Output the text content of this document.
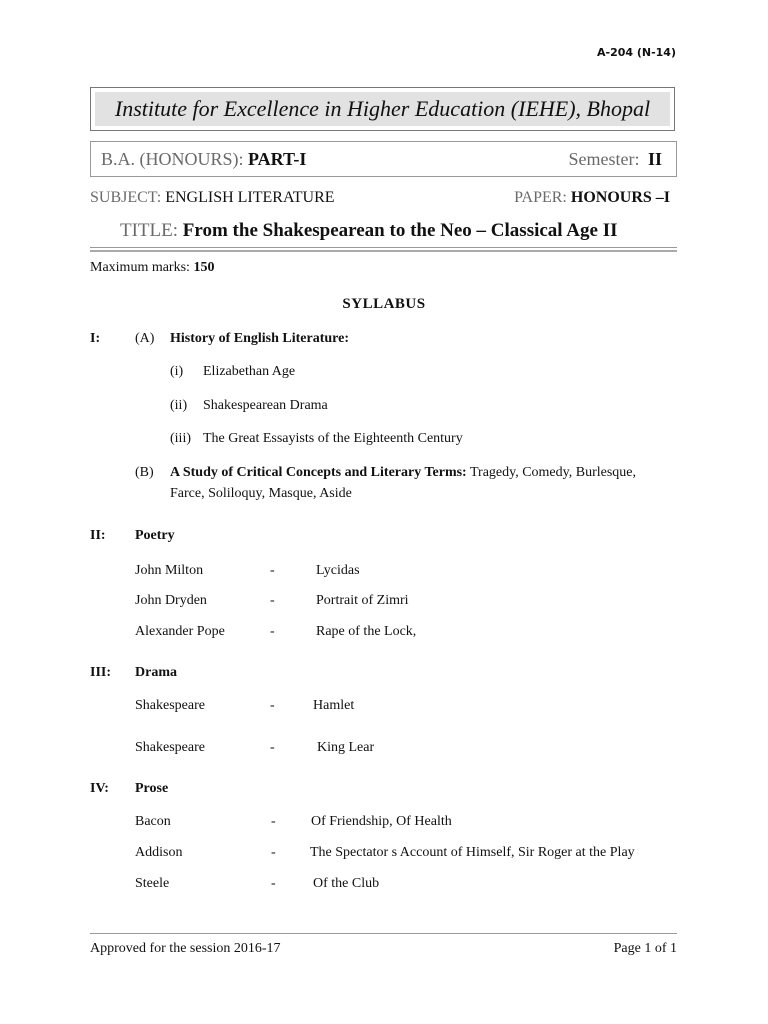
A-204 (N-14)
Institute for Excellence in Higher Education (IEHE), Bhopal
B.A. (HONOURS): PART-I	Semester: II
SUBJECT: ENGLISH LITERATURE	PAPER: HONOURS –I
TITLE: From the Shakespearean to the Neo – Classical Age II
Maximum marks: 150
SYLLABUS
I: (A) History of English Literature:
(i) Elizabethan Age
(ii) Shakespearean Drama
(iii) The Great Essayists of the Eighteenth Century
(B) A Study of Critical Concepts and Literary Terms: Tragedy, Comedy, Burlesque,
Farce, Soliloquy, Masque, Aside
II: Poetry
John Milton	-	Lycidas
John Dryden	-	Portrait of Zimri
Alexander Pope	-	Rape of the Lock,
III: Drama
Shakespeare	-	Hamlet
Shakespeare	-	King Lear
IV: Prose
Bacon	-	Of Friendship, Of Health
Addison	- The Spectator s Account of Himself, Sir Roger at the Play
Steele	-	Of the Club
Approved for the session 2016-17	Page 1 of 1
